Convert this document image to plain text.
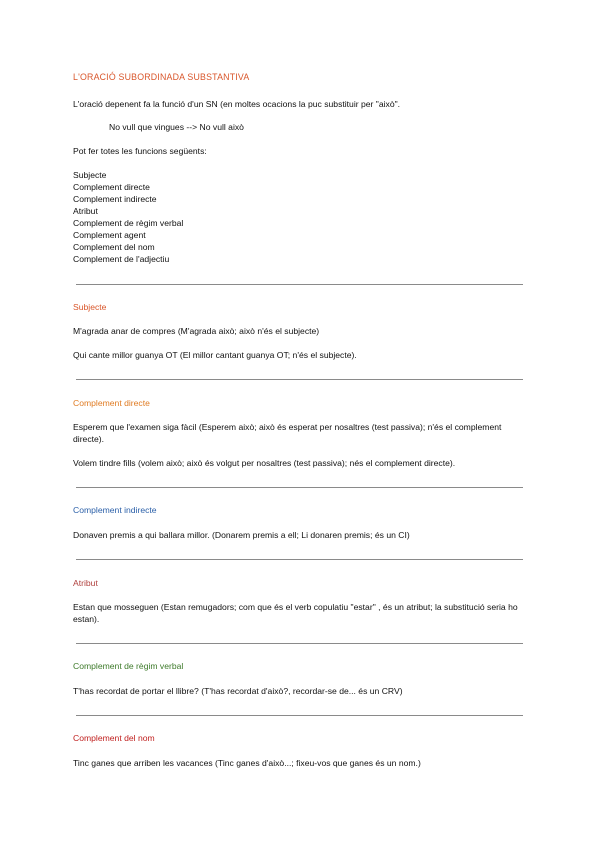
L'ORACIÓ SUBORDINADA SUBSTANTIVA

L'oració depenent fa la funció d'un SN (en moltes ocacions la puc substituir per "això".

No vull que vingues --> No vull això

Pot fer totes les funcions següents:

Subjecte
Complement directe
Complement indirecte
Atribut
Complement de règim verbal
Complement agent
Complement del nom
Complement de l'adjectiu

Subjecte

M'agrada anar de compres (M'agrada això; això n'és el subjecte)

Qui cante millor guanya OT (El millor cantant guanya OT; n'és el subjecte).

Complement directe

Esperem que l'examen siga fàcil (Esperem això; això és esperat per nosaltres (test passiva); n'és el complement directe).

Volem tindre fills (volem això; això és volgut per nosaltres (test passiva); nés el complement directe).

Complement indirecte

Donaven premis a qui ballara millor. (Donarem premis a ell; Li donaren premis; és un CI)

Atribut

Estan que mosseguen (Estan remugadors; com que és el verb copulatiu "estar" , és un atribut; la substitució seria ho estan).

Complement de règim verbal

T'has recordat de portar el llibre? (T'has recordat d'això?, recordar-se de... és un CRV)

Complement del nom

Tinc ganes que arriben les vacances (Tinc ganes d'això...; fixeu-vos que ganes és un nom.)
